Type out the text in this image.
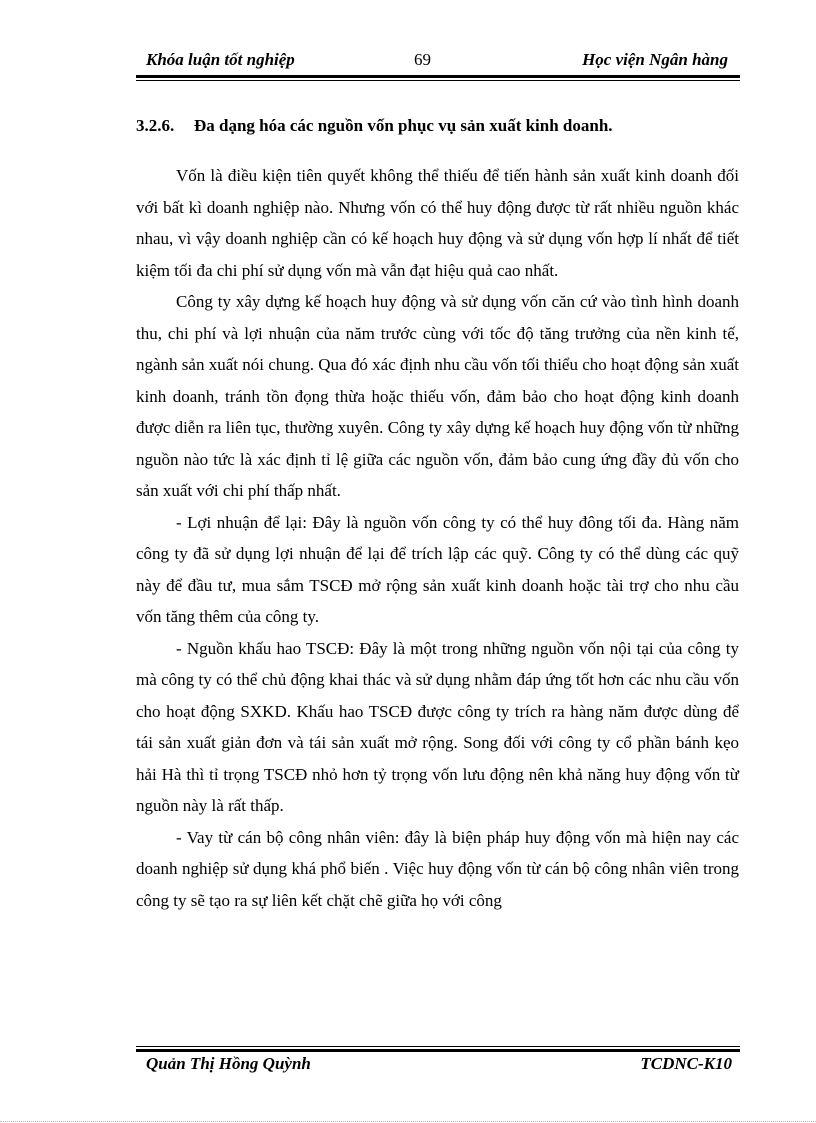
Khóa luận tốt nghiệp	69	Học viện Ngân hàng
3.2.6. Đa dạng hóa các nguồn vốn phục vụ sản xuất kinh doanh.

Vốn là điều kiện tiên quyết không thể thiếu để tiến hành sản xuất kinh doanh đối với bất kì doanh nghiệp nào. Nhưng vốn có thể huy động được từ rất nhiều nguồn khác nhau, vì vậy doanh nghiệp cần có kế hoạch huy động và sử dụng vốn hợp lí nhất để tiết kiệm tối đa chi phí sử dụng vốn mà vẫn đạt hiệu quả cao nhất.

Công ty xây dựng kế hoạch huy động và sử dụng vốn căn cứ vào tình hình doanh thu, chi phí và lợi nhuận của năm trước cùng với tốc độ tăng trưởng của nền kinh tế, ngành sản xuất nói chung. Qua đó xác định nhu cầu vốn tối thiểu cho hoạt động sản xuất kinh doanh, tránh tồn đọng thừa hoặc thiếu vốn, đảm bảo cho hoạt động kinh doanh được diễn ra liên tục, thường xuyên. Công ty xây dựng kế hoạch huy động vốn từ những nguồn nào tức là xác định tỉ lệ giữa các nguồn vốn, đảm bảo cung ứng đầy đủ vốn cho sản xuất với chi phí thấp nhất.

- Lợi nhuận để lại: Đây là nguồn vốn công ty có thể huy đông tối đa. Hàng năm công ty đã sử dụng lợi nhuận để lại để trích lập các quỹ. Công ty có thể dùng các quỹ này để đầu tư, mua sắm TSCĐ mở rộng sản xuất kinh doanh hoặc tài trợ cho nhu cầu vốn tăng thêm của công ty.

- Nguồn khấu hao TSCĐ: Đây là một trong những nguồn vốn nội tại của công ty mà công ty có thể chủ động khai thác và sử dụng nhằm đáp ứng tốt hơn các nhu cầu vốn cho hoạt động SXKD. Khấu hao TSCĐ được công ty trích ra hàng năm được dùng để tái sản xuất giản đơn và tái sản xuất mở rộng. Song đối với công ty cổ phần bánh kẹo hải Hà thì tỉ trọng TSCĐ nhỏ hơn tỷ trọng vốn lưu động nên khả năng huy động vốn từ nguồn này là rất thấp.

- Vay từ cán bộ công nhân viên: đây là biện pháp huy động vốn mà hiện nay các doanh nghiệp sử dụng khá phổ biến . Việc huy động vốn từ cán bộ công nhân viên trong công ty sẽ tạo ra sự liên kết chặt chẽ giữa họ với công

Quản Thị Hồng Quỳnh	TCDNC-K10
